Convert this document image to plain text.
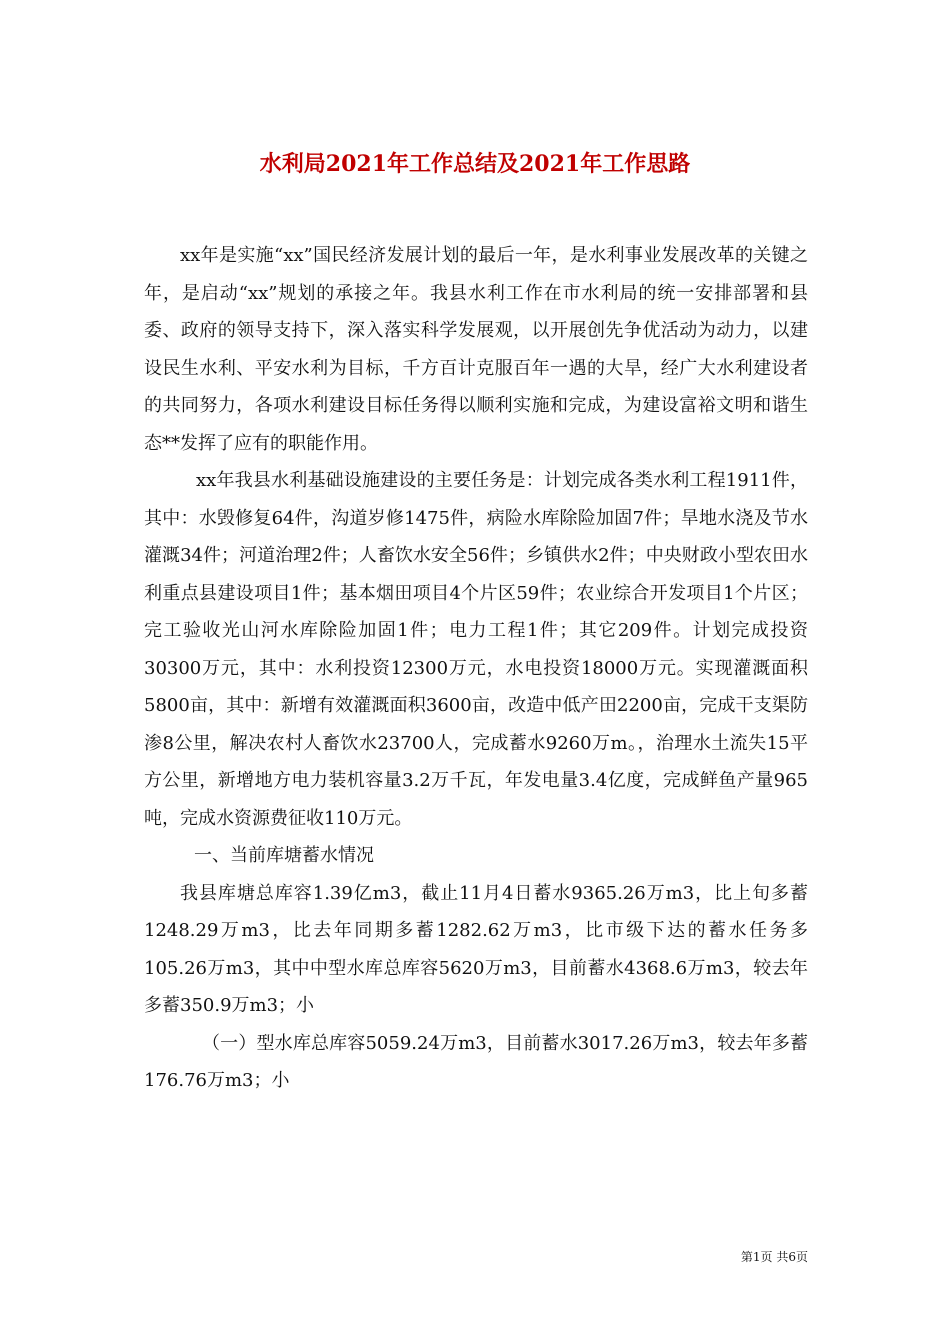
水利局2021年工作总结及2021年工作思路

xx年是实施“xx”国民经济发展计划的最后一年，是水利事业发展改革的关键之年，是启动“xx”规划的承接之年。我县水利工作在市水利局的统一安排部署和县委、政府的领导支持下，深入落实科学发展观，以开展创先争优活动为动力，以建设民生水利、平安水利为目标，千方百计克服百年一遇的大旱，经广大水利建设者的共同努力，各项水利建设目标任务得以顺利实施和完成，为建设富裕文明和谐生态**发挥了应有的职能作用。

xx年我县水利基础设施建设的主要任务是：计划完成各类水利工程1911件，其中：水毁修复64件，沟道岁修1475件，病险水库除险加固7件；旱地水浇及节水灌溉34件；河道治理2件；人畜饮水安全56件；乡镇供水2件；中央财政小型农田水利重点县建设项目1件；基本烟田项目4个片区59件；农业综合开发项目1个片区；完工验收光山河水库除险加固1件；电力工程1件；其它209件。计划完成投资30300万元，其中：水利投资12300万元，水电投资18000万元。实现灌溉面积5800亩，其中：新增有效灌溉面积3600亩，改造中低产田2200亩，完成干支渠防渗8公里，解决农村人畜饮水23700人，完成蓄水9260万m。，治理水土流失15平方公里，新增地方电力装机容量3.2万千瓦，年发电量3.4亿度，完成鲜鱼产量965吨，完成水资源费征收110万元。

一、当前库塘蓄水情况

我县库塘总库容1.39亿m3，截止11月4日蓄水9365.26万m3，比上旬多蓄1248.29万m3，比去年同期多蓄1282.62万m3，比市级下达的蓄水任务多105.26万m3，其中中型水库总库容5620万m3，目前蓄水4368.6万m3，较去年多蓄350.9万m3；小

（一）型水库总库容5059.24万m3，目前蓄水3017.26万m3，较去年多蓄176.76万m3；小

第1页 共6页
